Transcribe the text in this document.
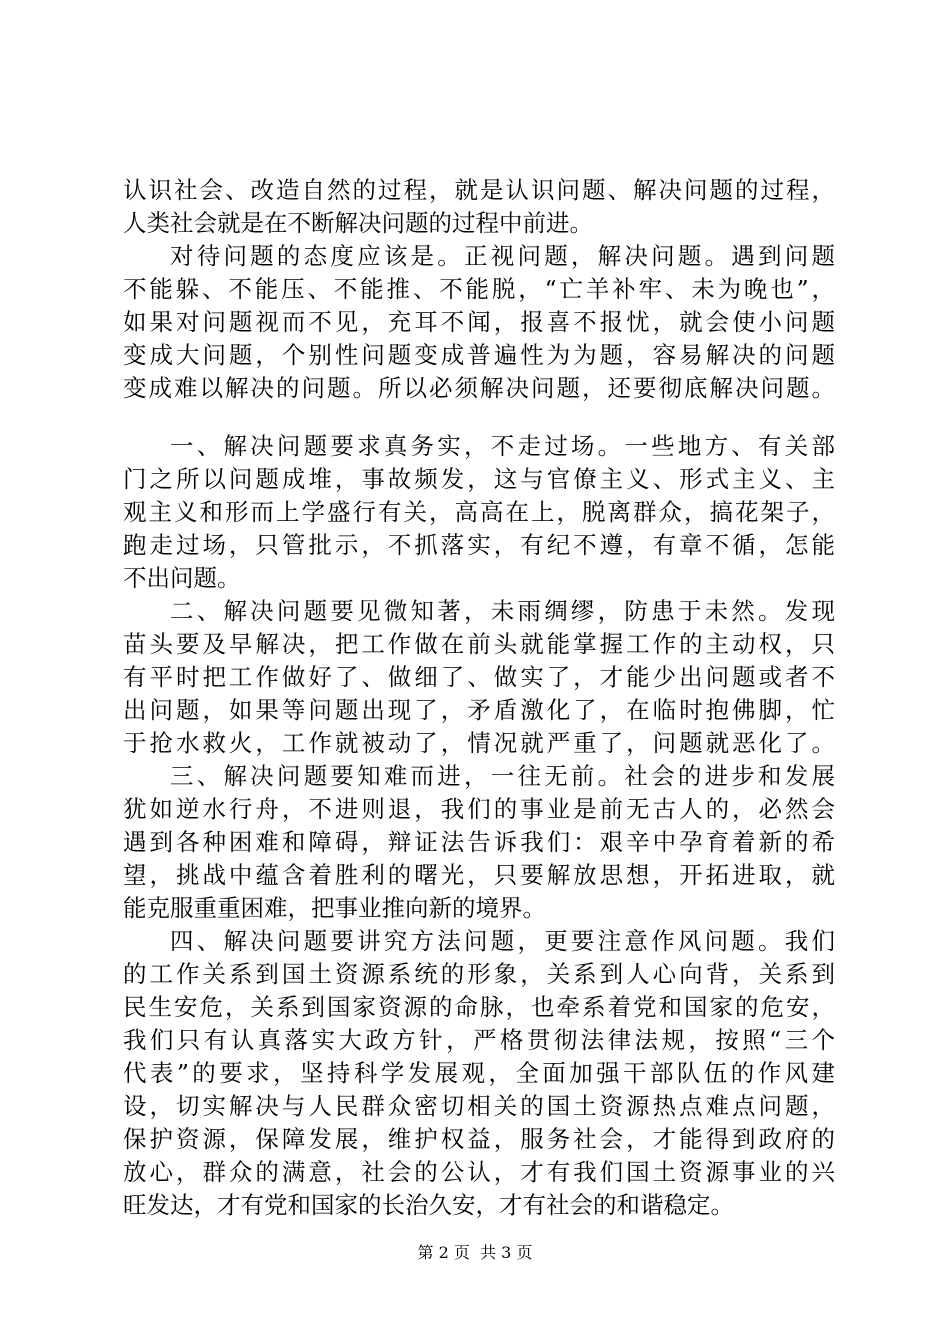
认识社会、改造自然的过程，就是认识问题、解决问题的过程，
人类社会就是在不断解决问题的过程中前进。
对待问题的态度应该是。正视问题，解决问题。遇到问题
不能躲、不能压、不能推、不能脱，“亡羊补牢、未为晚也”，
如果对问题视而不见，充耳不闻，报喜不报忧，就会使小问题
变成大问题，个别性问题变成普遍性为为题，容易解决的问题
变成难以解决的问题。所以必须解决问题，还要彻底解决问题。
一、解决问题要求真务实，不走过场。一些地方、有关部
门之所以问题成堆，事故频发，这与官僚主义、形式主义、主
观主义和形而上学盛行有关，高高在上，脱离群众，搞花架子，
跑走过场，只管批示，不抓落实，有纪不遵，有章不循，怎能
不出问题。
二、解决问题要见微知著，未雨绸缪，防患于未然。发现
苗头要及早解决，把工作做在前头就能掌握工作的主动权，只
有平时把工作做好了、做细了、做实了，才能少出问题或者不
出问题，如果等问题出现了，矛盾激化了，在临时抱佛脚，忙
于抢水救火，工作就被动了，情况就严重了，问题就恶化了。
三、解决问题要知难而进，一往无前。社会的进步和发展
犹如逆水行舟，不进则退，我们的事业是前无古人的，必然会
遇到各种困难和障碍，辩证法告诉我们：艰辛中孕育着新的希
望，挑战中蕴含着胜利的曙光，只要解放思想，开拓进取，就
能克服重重困难，把事业推向新的境界。
四、解决问题要讲究方法问题，更要注意作风问题。我们
的工作关系到国土资源系统的形象，关系到人心向背，关系到
民生安危，关系到国家资源的命脉，也牵系着党和国家的危安，
我们只有认真落实大政方针，严格贯彻法律法规，按照“三个
代表”的要求，坚持科学发展观，全面加强干部队伍的作风建
设，切实解决与人民群众密切相关的国土资源热点难点问题，
保护资源，保障发展，维护权益，服务社会，才能得到政府的
放心，群众的满意，社会的公认，才有我们国土资源事业的兴
旺发达，才有党和国家的长治久安，才有社会的和谐稳定。
第 2 页  共 3 页
